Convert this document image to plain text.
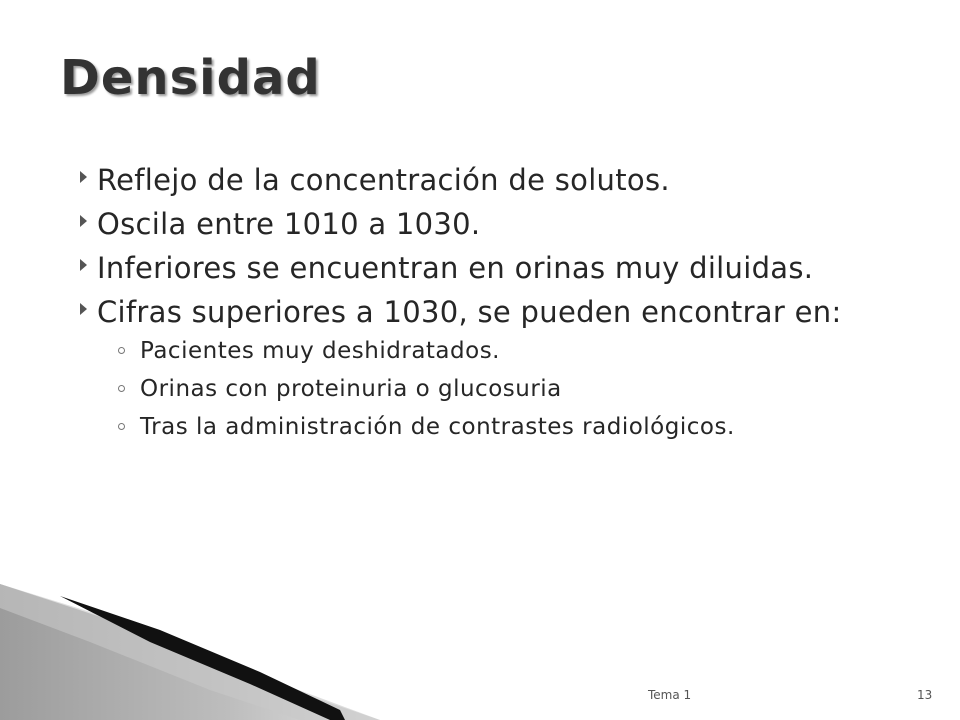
Densidad
Reflejo de la concentración de solutos.
Oscila entre 1010 a 1030.
Inferiores se encuentran en orinas muy diluidas.
Cifras superiores a 1030, se pueden encontrar en:
Pacientes muy deshidratados.
Orinas con proteinuria o glucosuria
Tras la administración de contrastes radiológicos.
Tema 1	13
